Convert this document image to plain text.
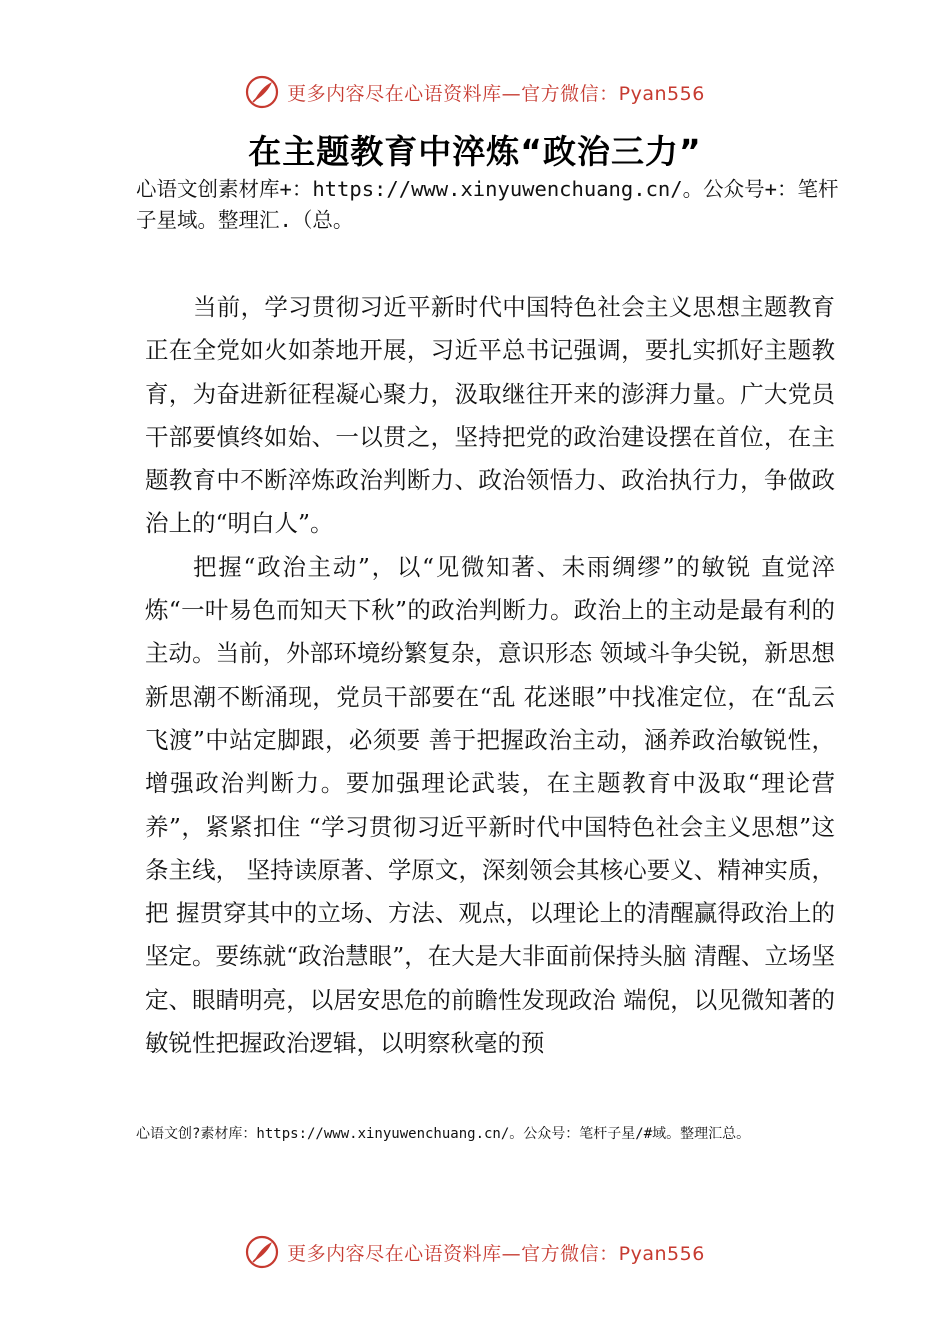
更多内容尽在心语资料库—官方微信：Pyan556
在主题教育中淬炼“政治三力”
心语文创素材库+：https://www.xinyuwenchuang.cn/。公众号+：笔杆子星域。整理汇.（总。

当前，学习贯彻习近平新时代中国特色社会主义思想主题教育正在全党如火如荼地开展，习近平总书记强调，要扎实抓好主题教育，为奋进新征程凝心聚力，汲取继往开来的澎湃力量。广大党员干部要慎终如始、一以贯之，坚持把党的政治建设摆在首位，在主题教育中不断淬炼政治判断力、政治领悟力、政治执行力，争做政治上的“明白人”。

把握“政治主动”，以“见微知著、未雨绸缪”的敏锐 直觉淬炼“一叶易色而知天下秋”的政治判断力。政治上的主动是最有利的主动。当前，外部环境纷繁复杂，意识形态 领域斗争尖锐，新思想新思潮不断涌现，党员干部要在“乱 花迷眼”中找准定位，在“乱云飞渡”中站定脚跟，必须要 善于把握政治主动，涵养政治敏锐性，增强政治判断力。要加强理论武装，在主题教育中汲取“理论营养”，紧紧扣住 “学习贯彻习近平新时代中国特色社会主义思想”这条主线， 坚持读原著、学原文，深刻领会其核心要义、精神实质，把 握贯穿其中的立场、方法、观点，以理论上的清醒赢得政治上的坚定。要练就“政治慧眼”，在大是大非面前保持头脑 清醒、立场坚定、眼睛明亮，以居安思危的前瞻性发现政治 端倪，以见微知著的敏锐性把握政治逻辑，以明察秋毫的预

心语文创?素材库：https://www.xinyuwenchuang.cn/。公众号：笔杆子星/#域。整理汇总。
更多内容尽在心语资料库—官方微信：Pyan556
